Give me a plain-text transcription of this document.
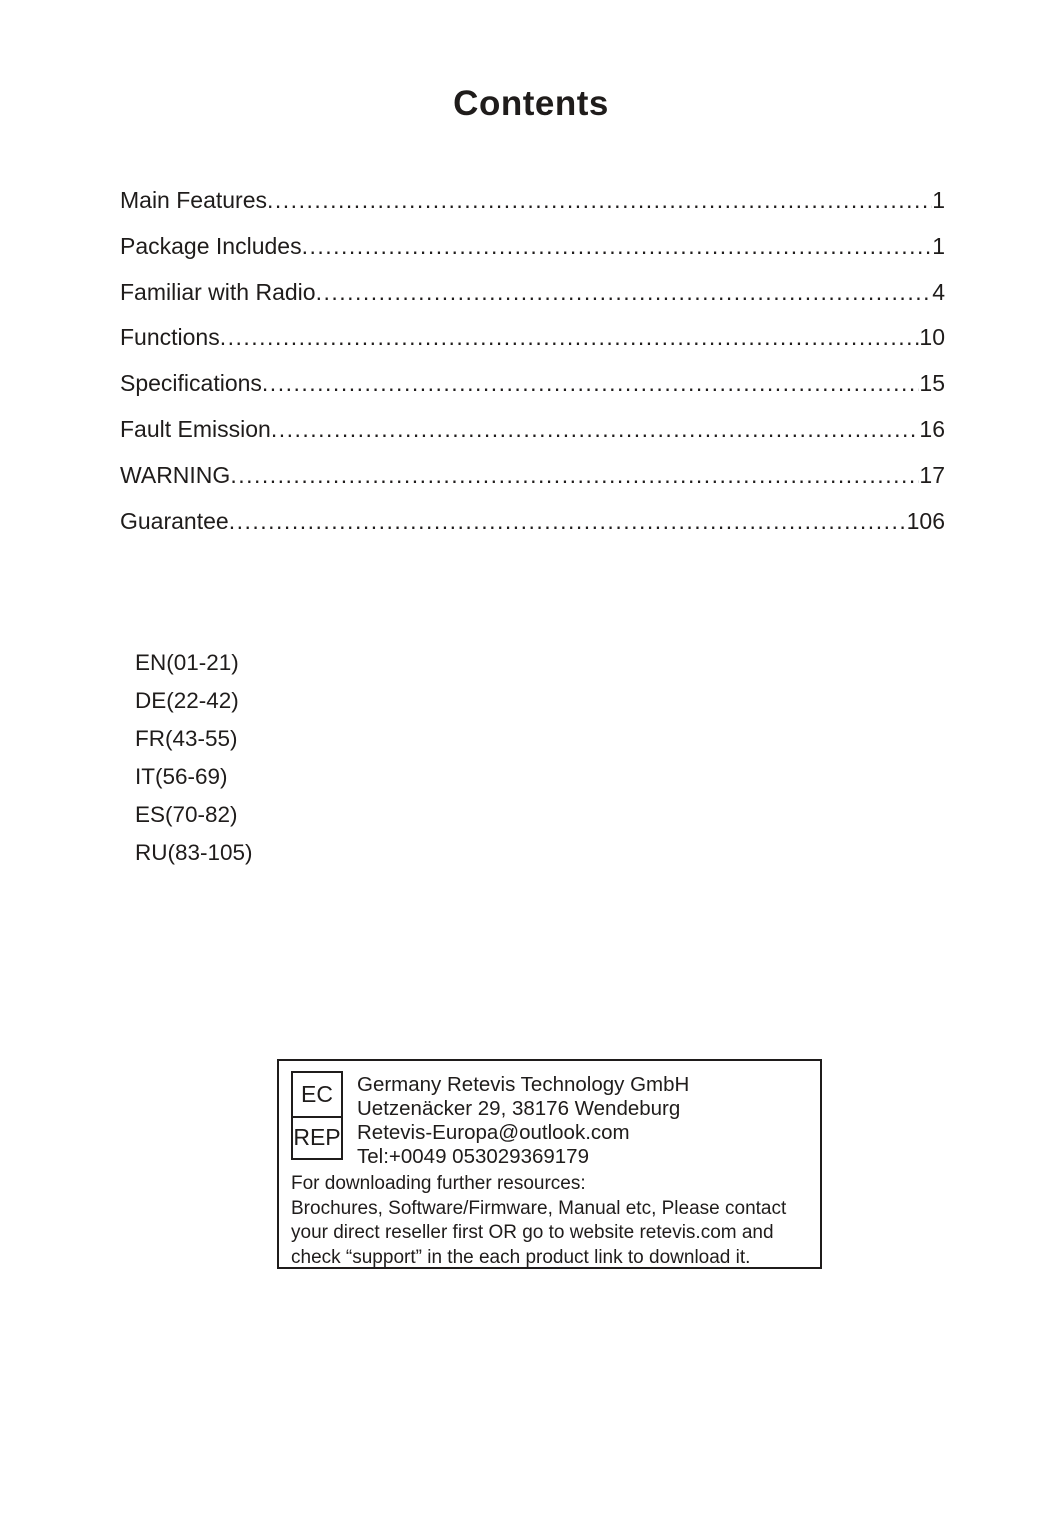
Contents
Main Features .....	1
Package Includes .....	1
Familiar with Radio .....	4
Functions .....	10
Specifications .....	15
Fault Emission .....	16
WARNING .....	17
Guarantee .....	106
EN(01-21)
DE(22-42)
FR(43-55)
IT(56-69)
ES(70-82)
RU(83-105)
EC
REP
Germany Retevis Technology GmbH
Uetzenäcker 29, 38176 Wendeburg
Retevis-Europa@outlook.com
Tel:+0049 053029369179
For downloading further resources:
Brochures, Software/Firmware, Manual etc, Please contact
your direct reseller first OR go to website retevis.com and
check “support” in the each product link to download it.
